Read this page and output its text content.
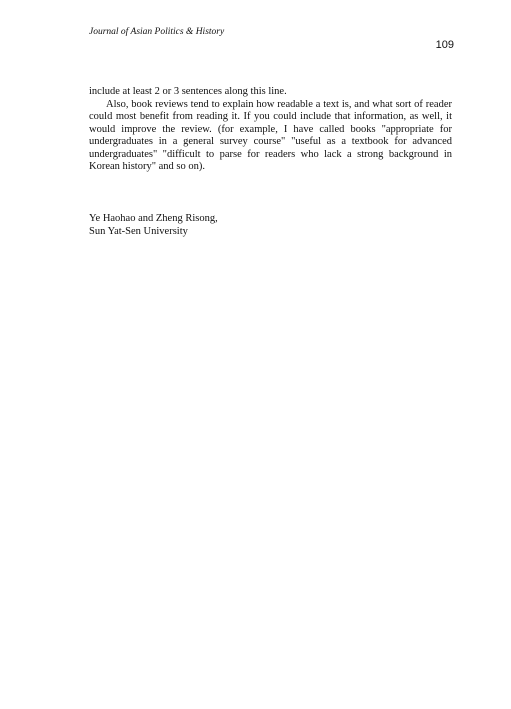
Journal of Asian Politics & History
109

include at least 2 or 3 sentences along this line.

Also, book reviews tend to explain how readable a text is, and what sort of reader could most benefit from reading it. If you could include that information, as well, it would improve the review. (for example, I have called books "appropriate for undergraduates in a general survey course" "useful as a textbook for advanced undergraduates" "difficult to parse for readers who lack a strong background in Korean history" and so on).

Ye Haohao and Zheng Risong,
Sun Yat-Sen University
